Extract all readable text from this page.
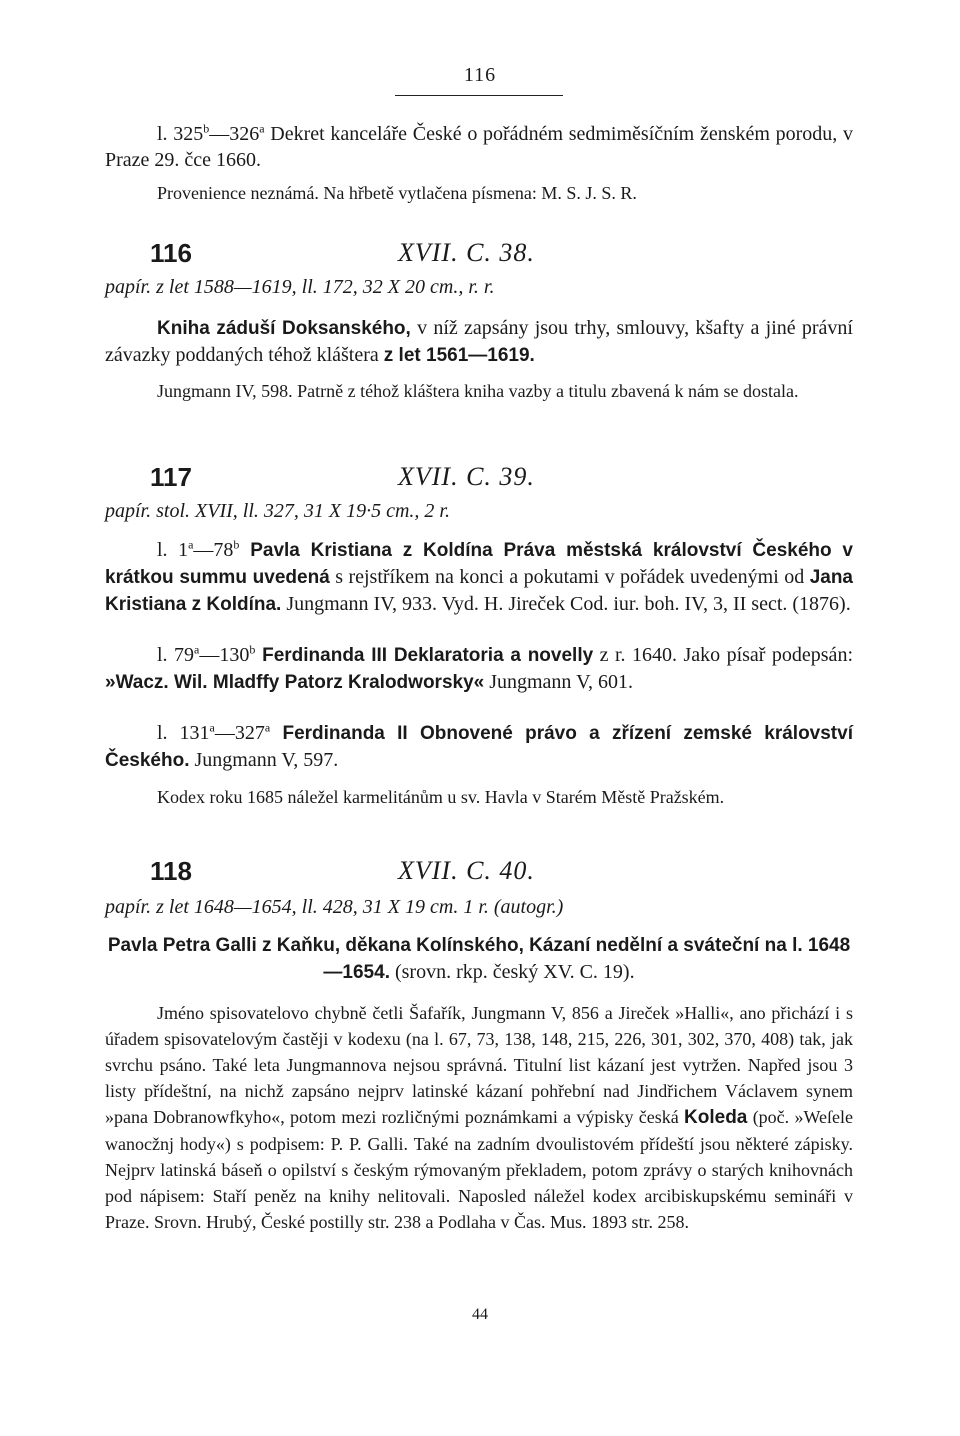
116
l. 325$^b$—326$^a$ Dekret kanceláře České o pořádném sedmiměsíčním ženském porodu, v Praze 29. čce 1660.
Provenience neznámá. Na hřbetě vytlačena písmena: M. S. J. S. R.
116	XVII. C. 38.
papír. z let 1588—1619, ll. 172, 32 X 20 cm., r. r.
Kniha záduší Doksanského, v níž zapsány jsou trhy, smlouvy, kšafty a jiné právní závazky poddaných téhož kláštera z let 1561—1619.
Jungmann IV, 598. Patrně z téhož kláštera kniha vazby a titulu zbavená k nám se dostala.
117	XVII. C. 39.
papír. stol. XVII, ll. 327, 31 X 19·5 cm., 2 r.
l. 1$^a$—78$^b$ Pavla Kristiana z Koldína Práva městská království Českého v krátkou summu uvedená s rejstříkem na konci a pokutami v pořádek uvedenými od Jana Kristiana z Koldína. Jungmann IV, 933. Vyd. H. Jireček Cod. iur. boh. IV, 3, II sect. (1876).
l. 79$^a$—130$^b$ Ferdinanda III Deklaratoria a novelly z r. 1640. Jako písař podepsán: »Wacz. Wil. Mladffy Patorz Kralodworsky« Jungmann V, 601.
l. 131$^a$—327$^a$ Ferdinanda II Obnovené právo a zřízení zemské království Českého. Jungmann V, 597.
Kodex roku 1685 náležel karmelitánům u sv. Havla v Starém Městě Pražském.
118	XVII. C. 40.
papír. z let 1648—1654, ll. 428, 31 X 19 cm. 1 r. (autogr.)
Pavla Petra Galli z Kaňku, děkana Kolínského, Kázaní nedělní a sváteční na l. 1648—1654. (srovn. rkp. český XV. C. 19).
Jméno spisovatelovo chybně četli Šafařík, Jungmann V, 856 a Jireček »Halli«, ano přichází i s úřadem spisovatelovým častěji v kodexu (na l. 67, 73, 138, 148, 215, 226, 301, 302, 370, 408) tak, jak svrchu psáno. Také leta Jungmannova nejsou správná. Titulní list kázaní jest vytržen. Napřed jsou 3 listy přídeštní, na nichž zapsáno nejprv latinské kázaní pohřební nad Jindřichem Václavem synem »pana Dobranowfkyho«, potom mezi rozličnými poznámkami a výpisky česká Koleda (poč. »Weſele wanocžnj hody«) s podpisem: P. P. Galli. Také na zadním dvoulistovém přídeští jsou některé zápisky. Nejprv latinská báseň o opilství s českým rýmovaným překladem, potom zprávy o starých knihovnách pod nápisem: Staří peněz na knihy nelitovali. Naposled náležel kodex arcibiskupskému semináři v Praze. Srovn. Hrubý, České postilly str. 238 a Podlaha v Čas. Mus. 1893 str. 258.
44
